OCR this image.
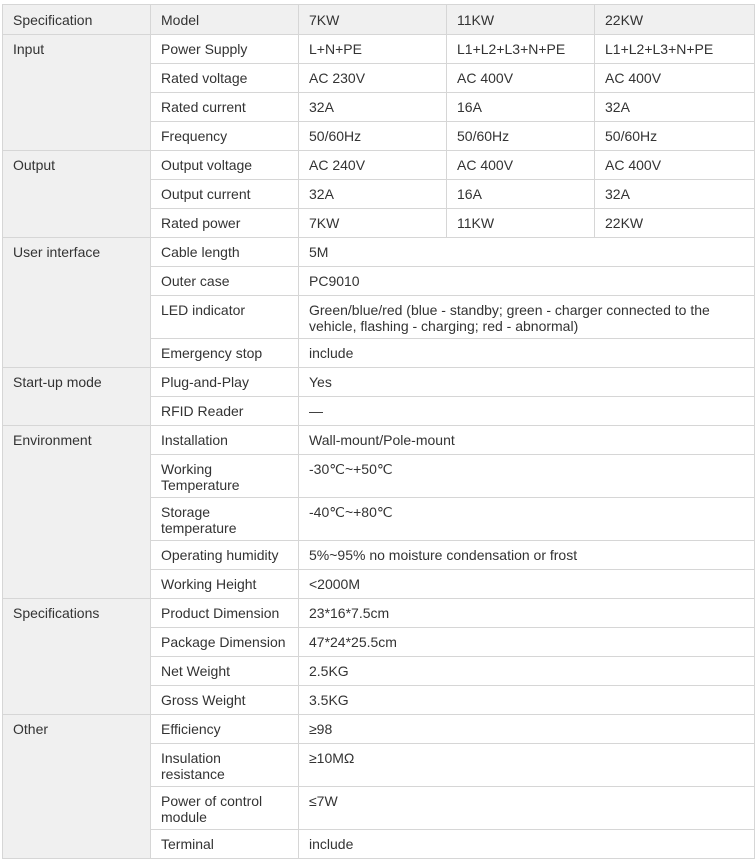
Specification	Model	7KW	11KW	22KW
Input	Power Supply	L+N+PE	L1+L2+L3+N+PE	L1+L2+L3+N+PE
	Rated voltage	AC 230V	AC 400V	AC 400V
	Rated current	32A	16A	32A
	Frequency	50/60Hz	50/60Hz	50/60Hz
Output	Output voltage	AC 240V	AC 400V	AC 400V
	Output current	32A	16A	32A
	Rated power	7KW	11KW	22KW
User interface	Cable length	5M		
	Outer case	PC9010		
	LED indicator	Green/blue/red (blue - standby; green - charger connected to the vehicle, flashing - charging; red - abnormal)		
	Emergency stop	include		
Start-up mode	Plug-and-Play	Yes		
	RFID Reader	—		
Environment	Installation	Wall-mount/Pole-mount		
	Working Temperature	-30℃~+50℃		
	Storage temperature	-40℃~+80℃		
	Operating humidity	5%~95% no moisture condensation or frost		
	Working Height	<2000M		
Specifications	Product Dimension	23*16*7.5cm		
	Package Dimension	47*24*25.5cm		
	Net Weight	2.5KG		
	Gross Weight	3.5KG		
Other	Efficiency	≥98		
	Insulation resistance	≥10MΩ		
	Power of control module	≤7W		
	Terminal	include		
